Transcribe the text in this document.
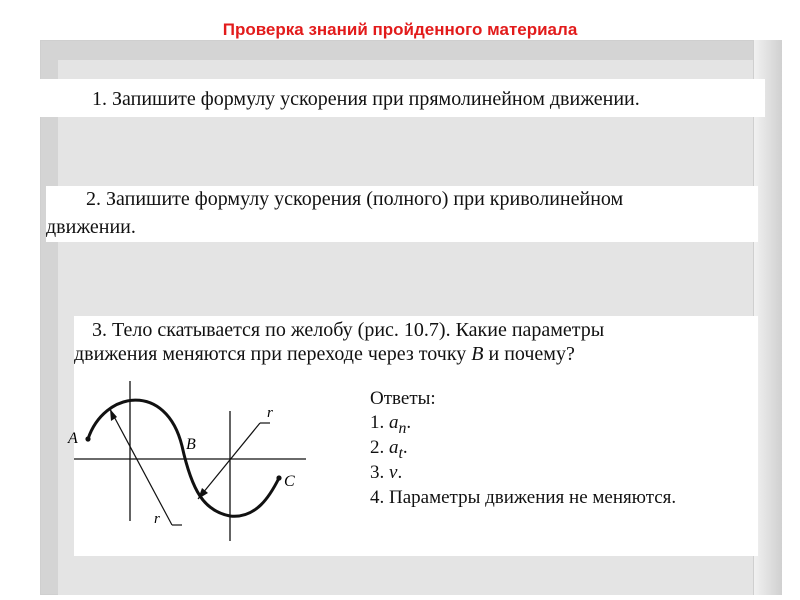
Проверка знаний пройденного материала
1. Запишите формулу ускорения при прямолинейном движении.
2. Запишите формулу ускорения (полного) при криволинейном
движении.
3. Тело скатывается по желобу (рис. 10.7). Какие параметры
движения меняются при переходе через точку B и почему?
A	B
C
r
r
Ответы:
1. $a_n$.
2. $a_t$.
3. v.
4. Параметры движения не меняются.
